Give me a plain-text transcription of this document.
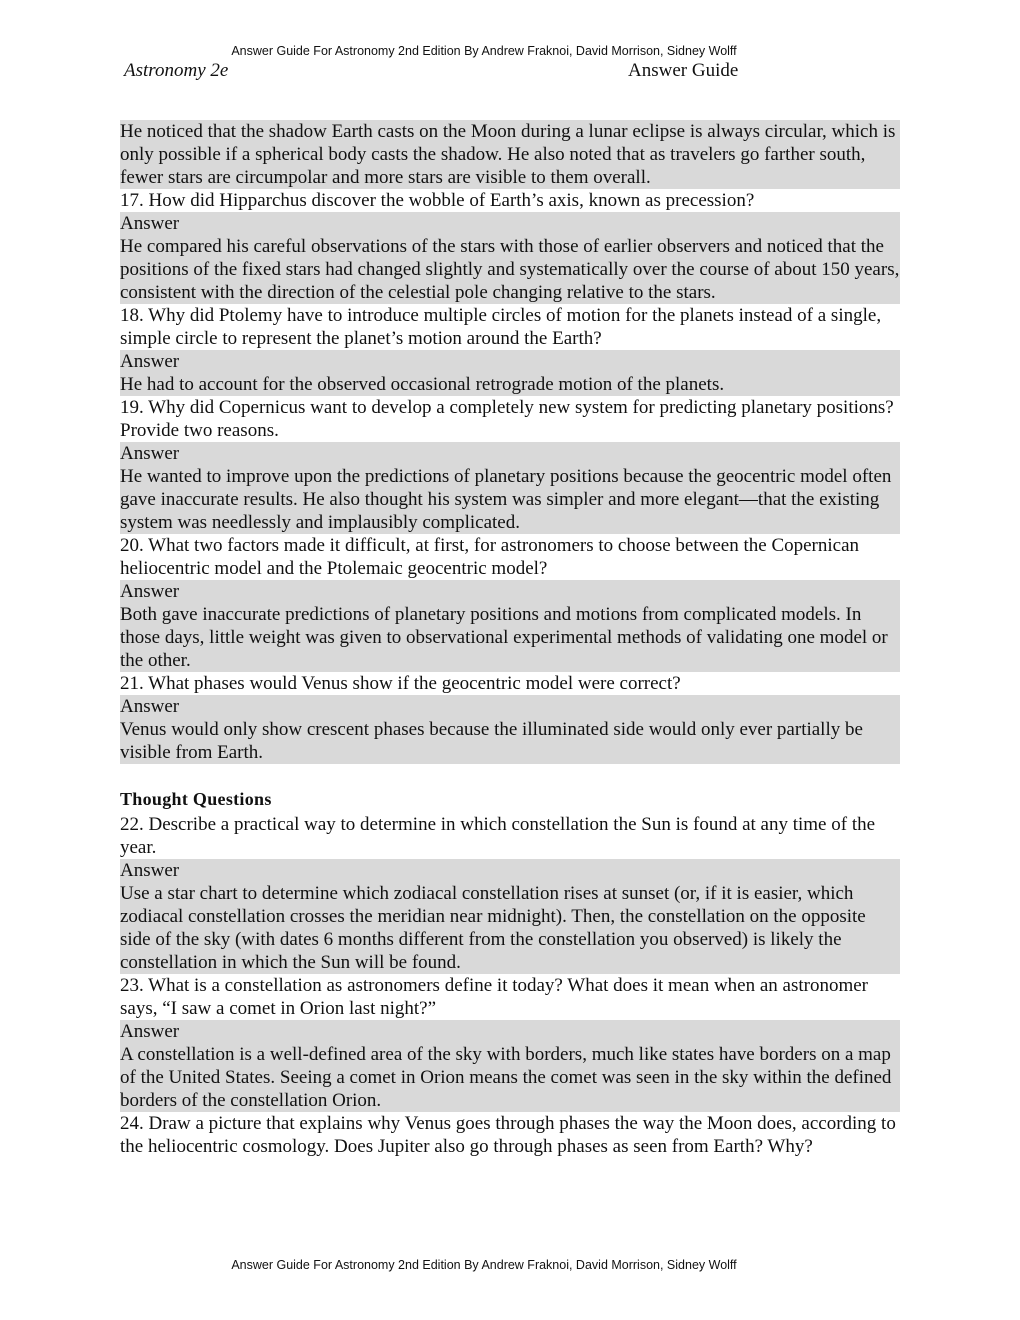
Answer Guide For Astronomy 2nd Edition By Andrew Fraknoi, David Morrison, Sidney Wolff
Astronomy 2e	Answer Guide
He noticed that the shadow Earth casts on the Moon during a lunar eclipse is always circular, which is only possible if a spherical body casts the shadow. He also noted that as travelers go farther south, fewer stars are circumpolar and more stars are visible to them overall.
17. How did Hipparchus discover the wobble of Earth’s axis, known as precession?
Answer
He compared his careful observations of the stars with those of earlier observers and noticed that the positions of the fixed stars had changed slightly and systematically over the course of about 150 years, consistent with the direction of the celestial pole changing relative to the stars.
18. Why did Ptolemy have to introduce multiple circles of motion for the planets instead of a single, simple circle to represent the planet’s motion around the Earth?
Answer
He had to account for the observed occasional retrograde motion of the planets.
19. Why did Copernicus want to develop a completely new system for predicting planetary positions? Provide two reasons.
Answer
He wanted to improve upon the predictions of planetary positions because the geocentric model often gave inaccurate results. He also thought his system was simpler and more elegant—that the existing system was needlessly and implausibly complicated.
20. What two factors made it difficult, at first, for astronomers to choose between the Copernican heliocentric model and the Ptolemaic geocentric model?
Answer
Both gave inaccurate predictions of planetary positions and motions from complicated models. In those days, little weight was given to observational experimental methods of validating one model or the other.
21. What phases would Venus show if the geocentric model were correct?
Answer
Venus would only show crescent phases because the illuminated side would only ever partially be visible from Earth.
Thought Questions
22. Describe a practical way to determine in which constellation the Sun is found at any time of the year.
Answer
Use a star chart to determine which zodiacal constellation rises at sunset (or, if it is easier, which zodiacal constellation crosses the meridian near midnight). Then, the constellation on the opposite side of the sky (with dates 6 months different from the constellation you observed) is likely the constellation in which the Sun will be found.
23. What is a constellation as astronomers define it today? What does it mean when an astronomer says, “I saw a comet in Orion last night?”
Answer
A constellation is a well-defined area of the sky with borders, much like states have borders on a map of the United States. Seeing a comet in Orion means the comet was seen in the sky within the defined borders of the constellation Orion.
24. Draw a picture that explains why Venus goes through phases the way the Moon does, according to the heliocentric cosmology. Does Jupiter also go through phases as seen from Earth? Why?
Answer Guide For Astronomy 2nd Edition By Andrew Fraknoi, David Morrison, Sidney Wolff
